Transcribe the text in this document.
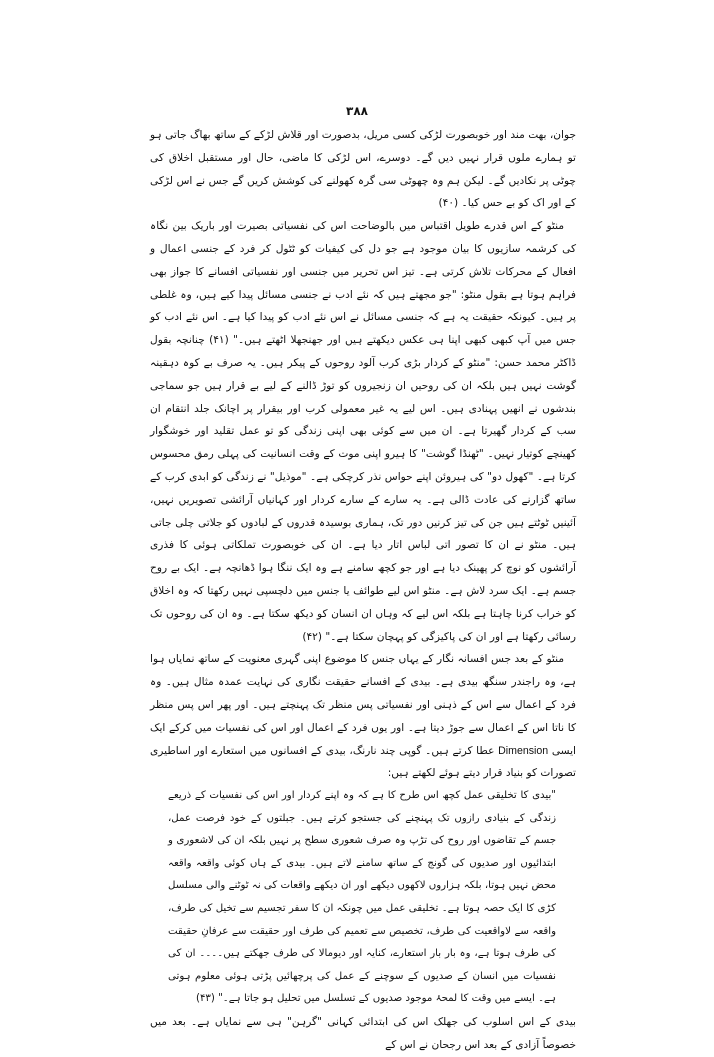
۳۸۸

جوان، بھت مند اور خوبصورت لڑکی کسی مریل، بدصورت اور قلاش لڑکے کے ساتھ بھاگ جاتی ہو تو ہمارے ملوں قرار نہیں دیں گے۔ دوسرے، اس لڑکی کا ماضی، حال اور مستقبل اخلاق کی چوٹی پر نکادیں گے۔ لیکن ہم وہ چھوٹی سی گرہ کھولنے کی کوشش کریں گے جس نے اس لڑکی کے اور اک کو بے حس کیا۔ (۴۰)

منٹو کے اس قدرے طویل اقتباس میں بالوضاحت اس کی نفسیاتی بصیرت اور باریک بین نگاہ کی کرشمہ سازیوں کا بیان موجود ہے جو دل کی کیفیات کو ٹٹول کر فرد کے جنسی اعمال و افعال کے محرکات تلاش کرتی ہے۔ تیز اس تحریر میں جنسی اور نفسیاتی افسانے کا جواز بھی فراہم ہوتا ہے بقول منٹو: "جو مجھتے ہیں کہ نئے ادب نے جنسی مسائل پیدا کیے ہیں، وہ غلطی پر ہیں۔ کیونکہ حقیقت یہ ہے کہ جنسی مسائل نے اس نئے ادب کو پیدا کیا ہے۔ اس نئے ادب کو جس میں آپ کبھی کبھی اپنا ہی عکس دیکھتے ہیں اور جھنجھلا اٹھتے ہیں۔" (۴۱) چنانچہ بقول ڈاکٹر محمد حسن: "منٹو کے کردار بڑی کرب آلود روحوں کے پیکر ہیں۔ یہ صرف بے کوہ دہقینہ گوشت نہیں ہیں بلکہ ان کی روحیں ان زنجیروں کو توڑ ڈالنے کے لیے بے قرار ہیں جو سماجی بندشوں نے انھیں پہنادی ہیں۔ اس لیے یہ غیر معمولی کرب اور بیقرار پر اچانک جلد انتقام ان سب کے کردار گھیرتا ہے۔ ان میں سے کوئی بھی اپنی زندگی کو تو عمل تقلید اور خوشگوار کھینچے کوتیار نہیں۔ "ٹھنڈا گوشت" کا ہیرو اپنی موت کے وقت انسانیت کی پہلی رمق محسوس کرتا ہے۔ "کھول دو" کی ہیروئن اپنے حواس نذر کرچکی ہے۔ "موذیل" نے زندگی کو ابدی کرب کے ساتھ گزارنے کی عادت ڈالی ہے۔ یہ سارے کے سارے کردار اور کہانیاں آرائشی تصویریں نہیں، آئینیں ٹوٹتے ہیں جن کی تیز کرنیں دور تک، ہماری بوسیدہ قدروں کے لبادوں کو جلاتی چلی جاتی ہیں۔ منٹو نے ان کا تصور اتی لباس اتار دیا ہے۔ ان کی خوبصورت تملکاتی ہوئی کا فذری آرائشوں کو نوچ کر پھینک دیا ہے اور جو کچھ سامنے ہے وہ ایک ننگا ہوا ڈھانچہ ہے۔ ایک بے روح جسم ہے۔ ایک سرد لاش ہے۔ منٹو اس لیے طوائف یا جنس میں دلچسپی نہیں رکھتا کہ وہ اخلاق کو خراب کرنا چاہتا ہے بلکہ اس لیے کہ وہاں ان انسان کو دیکھ سکتا ہے۔ وہ ان کی روحوں تک رسائی رکھتا ہے اور ان کی پاکیزگی کو پہچان سکتا ہے۔" (۴۲)

منٹو کے بعد جس افسانہ نگار کے یہاں جنس کا موضوع اپنی گہری معنویت کے ساتھ نمایاں ہوا ہے، وہ راجندر سنگھ بیدی ہے۔ بیدی کے افسانے حقیقت نگاری کی نہایت عمدہ مثال ہیں۔ وہ فرد کے اعمال سے اس کے ذہنی اور نفسیاتی پس منظر تک پہنچتے ہیں۔ اور پھر اس پس منظر کا ناتا اس کے اعمال سے جوڑ دیتا ہے۔ اور یوں فرد کے اعمال اور اس کی نفسیات میں کرکے ایک ایسی Dimension عطا کرتے ہیں۔ گوپی چند نارنگ، بیدی کے افسانوں میں استعارے اور اساطیری تصورات کو بنیاد قرار دیتے ہوئے لکھتے ہیں:

"بیدی کا تخلیقی عمل کچھ اس طرح کا ہے کہ وہ اپنے کردار اور اس کی نفسیات کے ذریعے زندگی کے بنیادی رازوں تک پہنچنے کی جستجو کرتے ہیں۔ جبلتوں کے خود فرصت عمل، جسم کے تقاضوں اور روح کی تڑپ وہ صرف شعوری سطح پر نہیں بلکہ ان کی لاشعوری و ابتدائیوں اور صدیوں کی گونج کے ساتھ سامنے لاتے ہیں۔ بیدی کے ہاں کوئی واقعہ واقعہ محض نہیں ہوتا، بلکہ ہزاروں لاکھوں دیکھے اور ان دیکھے واقعات کی نہ ٹوٹنے والی مسلسل کڑی کا ایک حصہ ہوتا ہے۔ تخلیقی عمل میں چونکہ ان کا سفر تجسیم سے تخیل کی طرف، واقعہ سے لاواقعیت کی طرف، تخصیص سے تعمیم کی طرف اور حقیقت سے عرفانِ حقیقت کی طرف ہوتا ہے، وہ بار بار استعارے، کنایہ اور دیومالا کی طرف جھکتے ہیں۔۔۔۔ ان کی نفسیات میں انسان کے صدیوں کے سوچنے کے عمل کی پرچھائیں پڑتی ہوئی معلوم ہوتی ہے۔ ایسے میں وقت کا لمحۂ موجود صدیوں کے تسلسل میں تحلیل ہو جاتا ہے۔" (۴۳)

بیدی کے اس اسلوب کی جھلک اس کی ابتدائی کہانی "گرہن" ہی سے نمایاں ہے۔ بعد میں خصوصاً آزادی کے بعد اس رجحان نے اس کے
